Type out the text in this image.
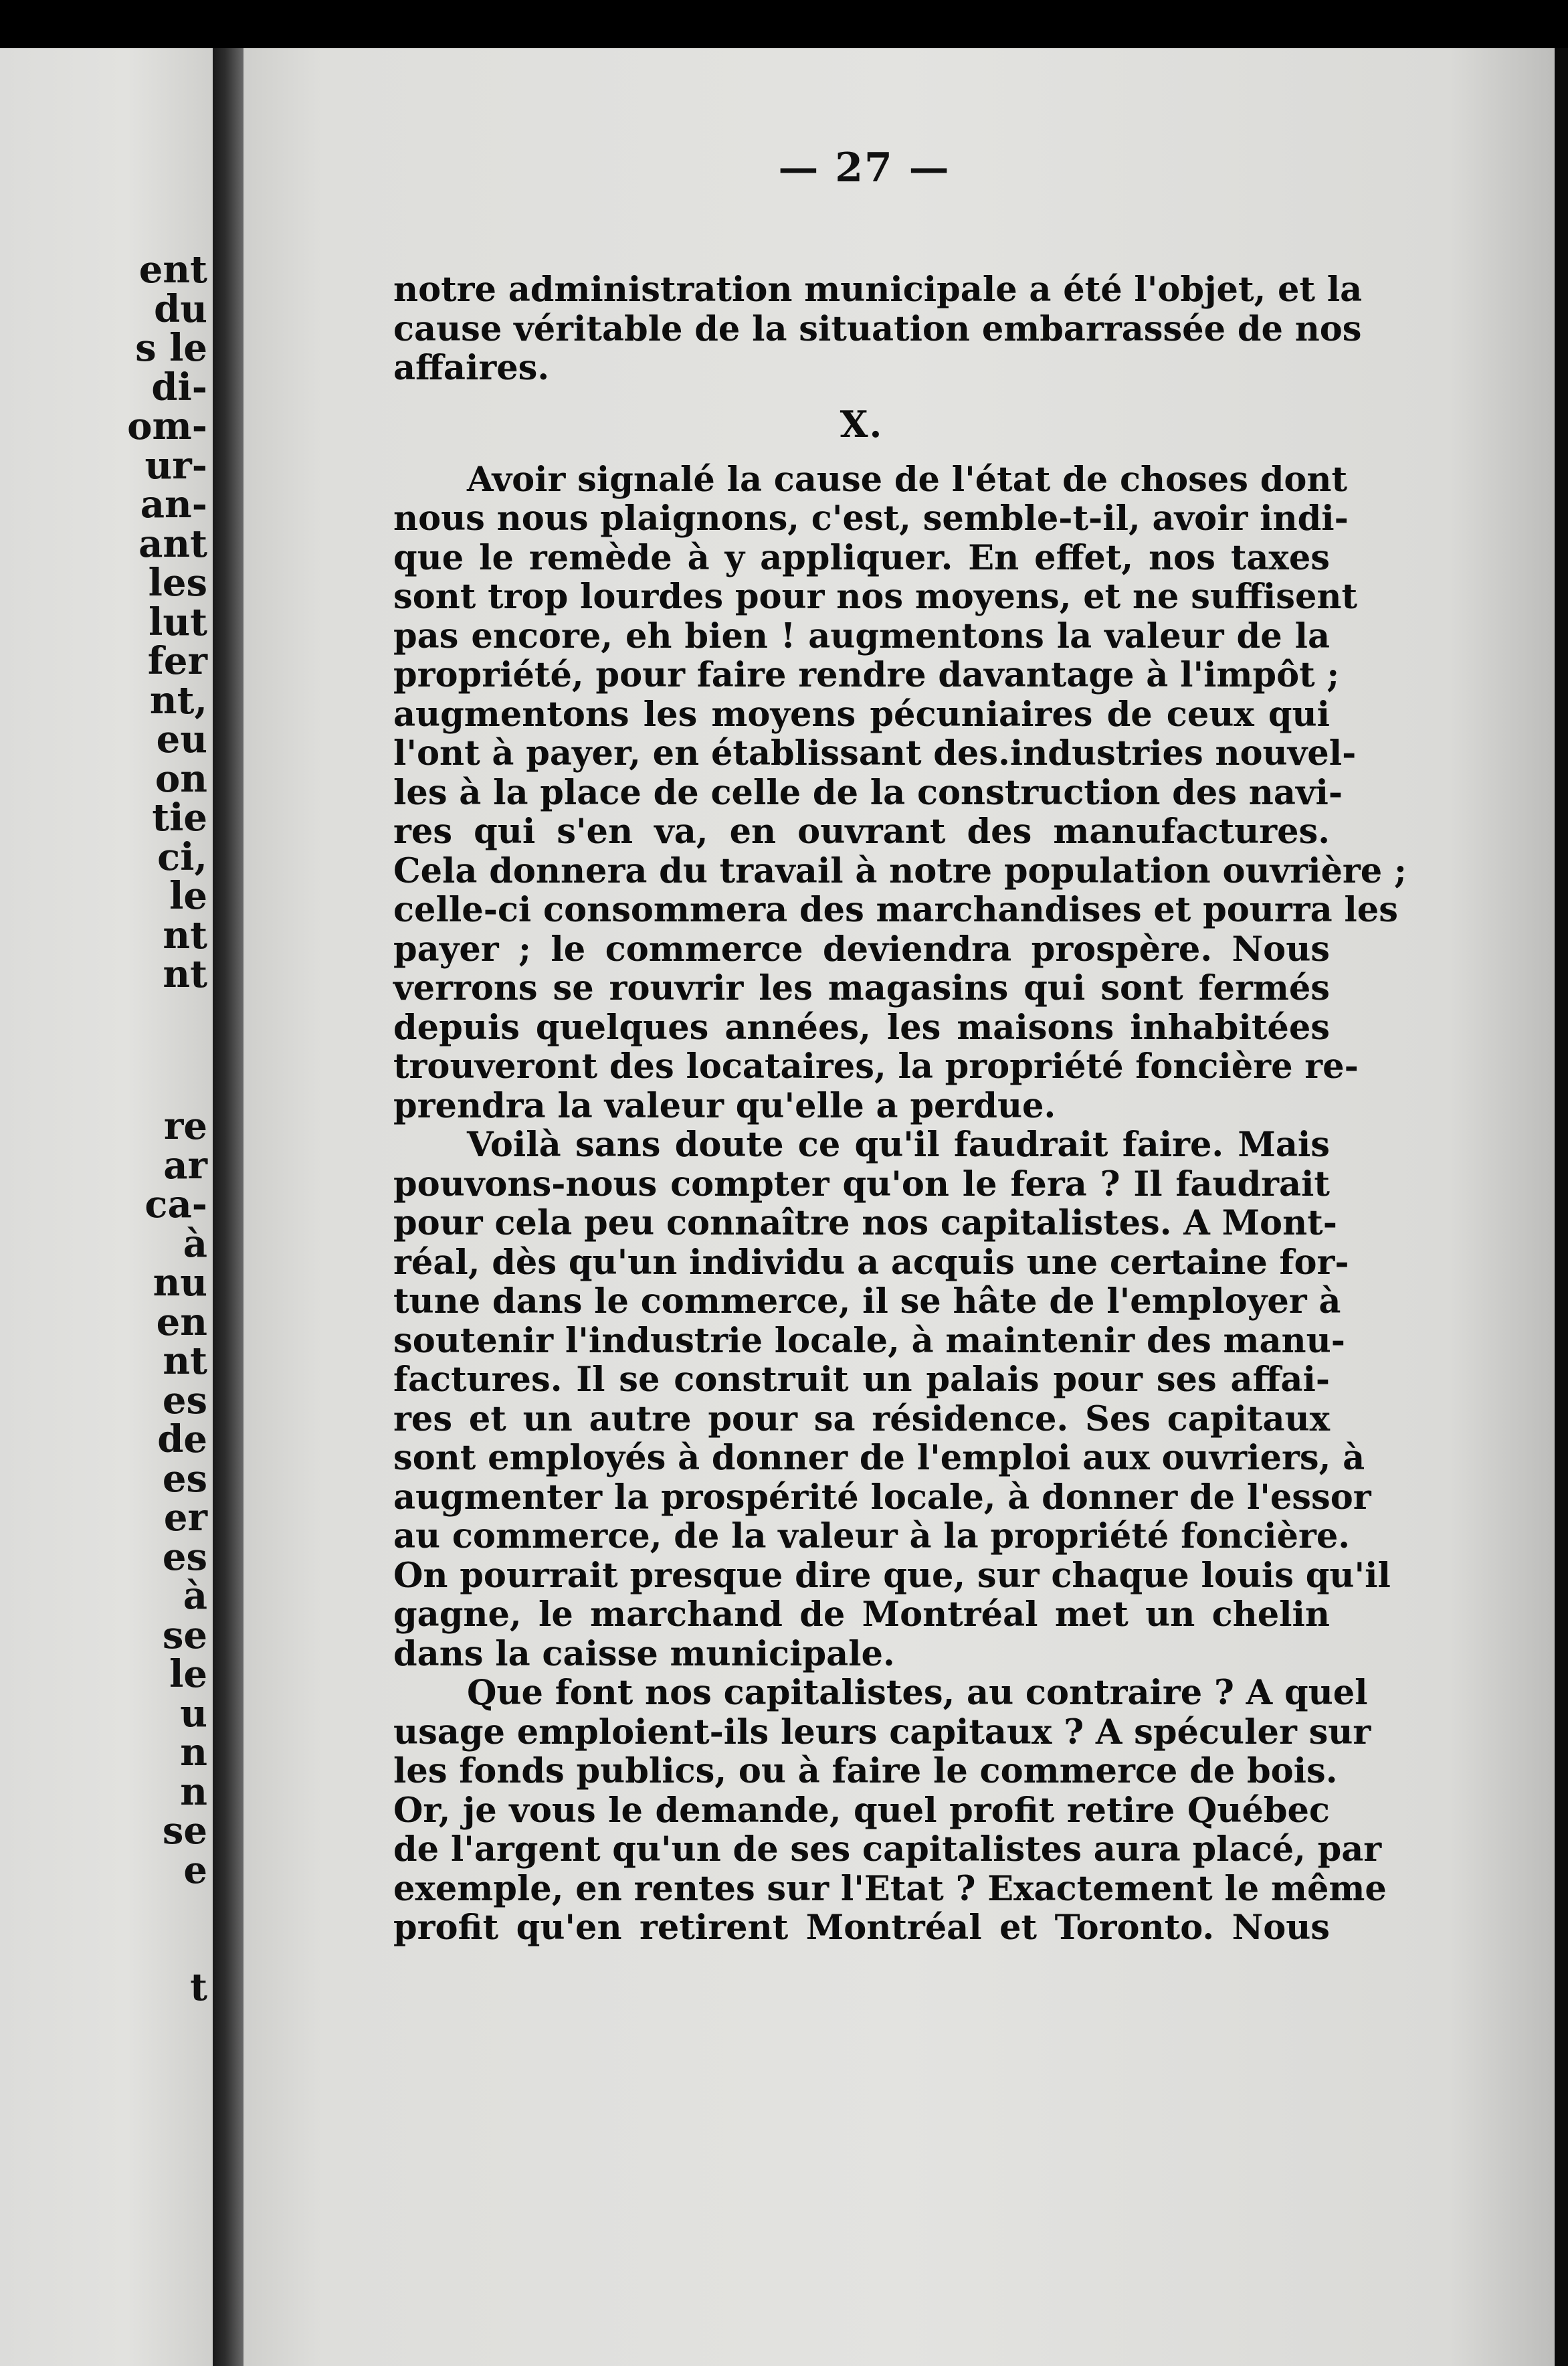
ent
du
s le
di-
om-
ur-
an-
ant
les
lut
fer
nt,
eu
on
tie
ci,
le
nt
nt
re
ar
ca-
à
nu
en
nt
es
de
es
er
es
à
se
le
u
n
n
se
e
t
— 27 —
notre administration municipale a été l'objet, et la
cause véritable de la situation embarrassée de nos
affaires.
X.
Avoir signalé la cause de l'état de choses dont
nous nous plaignons, c'est, semble-t-il, avoir indi-
que le remède à y appliquer. En effet, nos taxes
sont trop lourdes pour nos moyens, et ne suffisent
pas encore, eh bien ! augmentons la valeur de la
propriété, pour faire rendre davantage à l'impôt ;
augmentons les moyens pécuniaires de ceux qui
l'ont à payer, en établissant des.industries nouvel-
les à la place de celle de la construction des navi-
res qui s'en va, en ouvrant des manufactures.
Cela donnera du travail à notre population ouvrière ;
celle-ci consommera des marchandises et pourra les
payer ; le commerce deviendra prospère. Nous
verrons se rouvrir les magasins qui sont fermés
depuis quelques années, les maisons inhabitées
trouveront des locataires, la propriété foncière re-
prendra la valeur qu'elle a perdue.
Voilà sans doute ce qu'il faudrait faire. Mais
pouvons-nous compter qu'on le fera ? Il faudrait
pour cela peu connaître nos capitalistes. A Mont-
réal, dès qu'un individu a acquis une certaine for-
tune dans le commerce, il se hâte de l'employer à
soutenir l'industrie locale, à maintenir des manu-
factures. Il se construit un palais pour ses affai-
res et un autre pour sa résidence. Ses capitaux
sont employés à donner de l'emploi aux ouvriers, à
augmenter la prospérité locale, à donner de l'essor
au commerce, de la valeur à la propriété foncière.
On pourrait presque dire que, sur chaque louis qu'il
gagne, le marchand de Montréal met un chelin
dans la caisse municipale.
Que font nos capitalistes, au contraire ? A quel
usage emploient-ils leurs capitaux ? A spéculer sur
les fonds publics, ou à faire le commerce de bois.
Or, je vous le demande, quel profit retire Québec
de l'argent qu'un de ses capitalistes aura placé, par
exemple, en rentes sur l'Etat ? Exactement le même
profit qu'en retirent Montréal et Toronto. Nous
